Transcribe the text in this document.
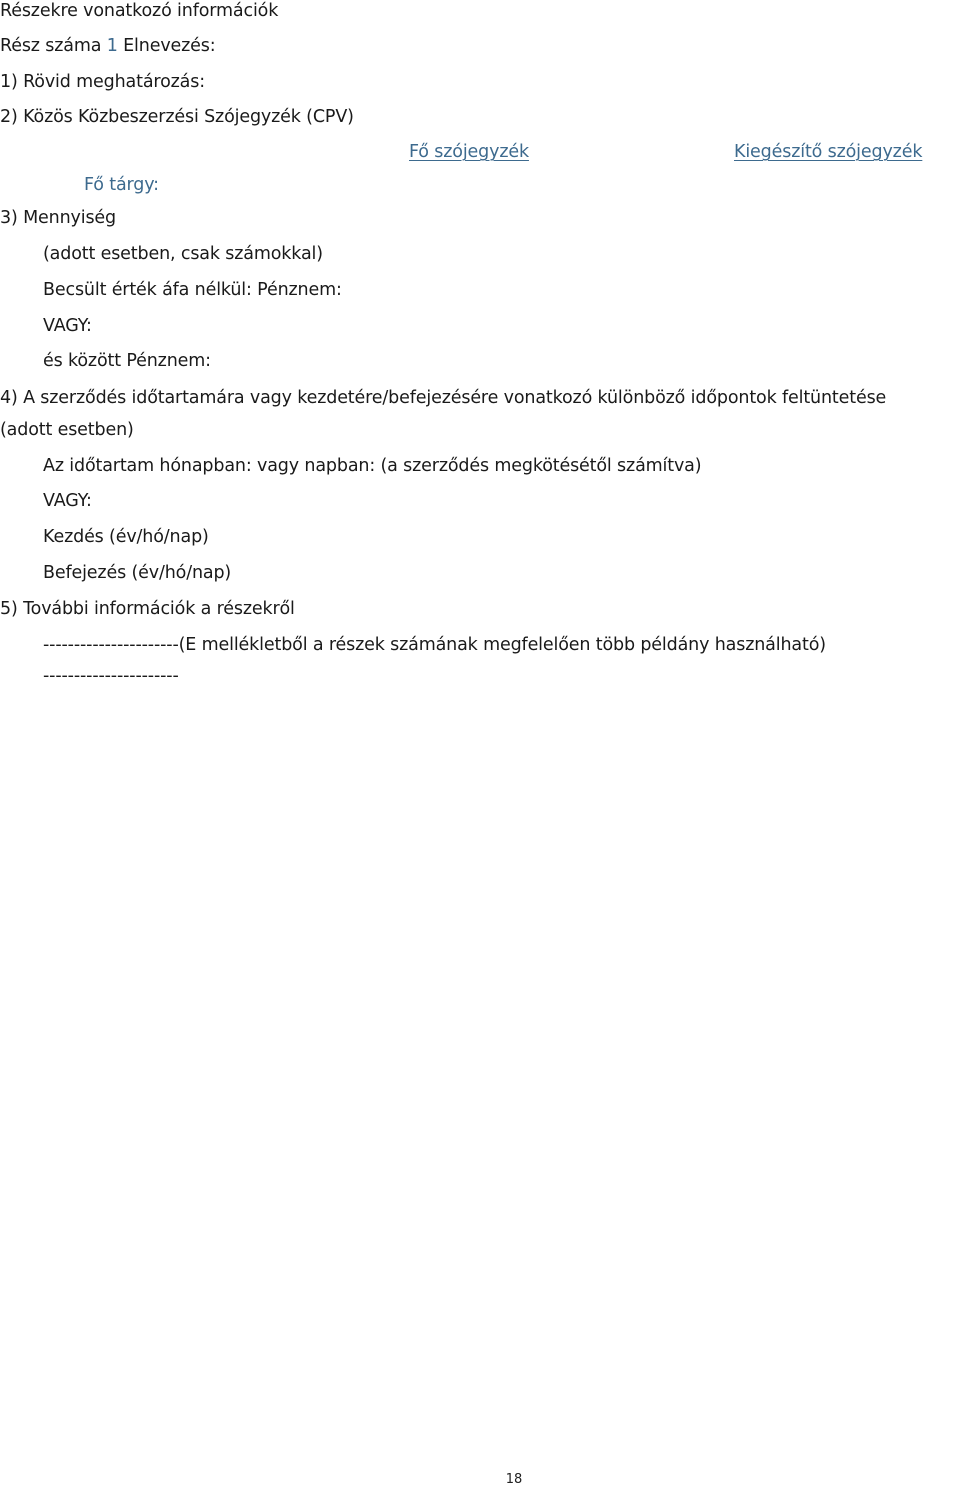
Részekre vonatkozó információk
Rész száma 1 Elnevezés:
1) Rövid meghatározás:
2) Közös Közbeszerzési Szójegyzék (CPV)
Fő szójegyzék	Kiegészítő szójegyzék
Fő tárgy:
3) Mennyiség
(adott esetben, csak számokkal)
Becsült érték áfa nélkül: Pénznem:
VAGY:
és között Pénznem:
4) A szerződés időtartamára vagy kezdetére/befejezésére vonatkozó különböző időpontok feltüntetése
(adott esetben)
Az időtartam hónapban: vagy napban: (a szerződés megkötésétől számítva)
VAGY:
Kezdés (év/hó/nap)
Befejezés (év/hó/nap)
5) További információk a részekről
----------------------(E mellékletből a részek számának megfelelően több példány használható)
----------------------
18
